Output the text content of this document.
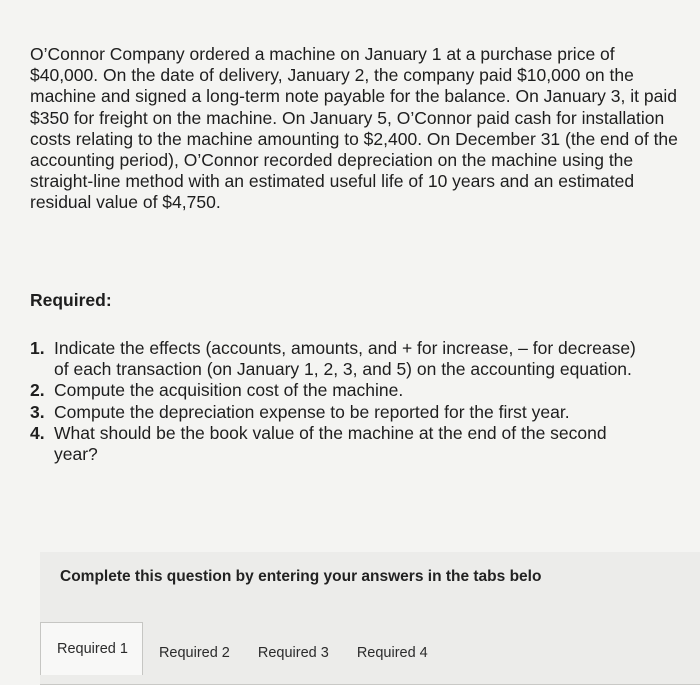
O’Connor Company ordered a machine on January 1 at a purchase price of $40,000. On the date of delivery, January 2, the company paid $10,000 on the machine and signed a long-term note payable for the balance. On January 3, it paid $350 for freight on the machine. On January 5, O’Connor paid cash for installation costs relating to the machine amounting to $2,400. On December 31 (the end of the accounting period), O’Connor recorded depreciation on the machine using the straight-line method with an estimated useful life of 10 years and an estimated residual value of $4,750.

Required:

1. Indicate the effects (accounts, amounts, and + for increase, – for decrease) of each transaction (on January 1, 2, 3, and 5) on the accounting equation.
2. Compute the acquisition cost of the machine.
3. Compute the depreciation expense to be reported for the first year.
4. What should be the book value of the machine at the end of the second year?

Complete this question by entering your answers in the tabs belo

Required 1	Required 2	Required 3	Required 4
